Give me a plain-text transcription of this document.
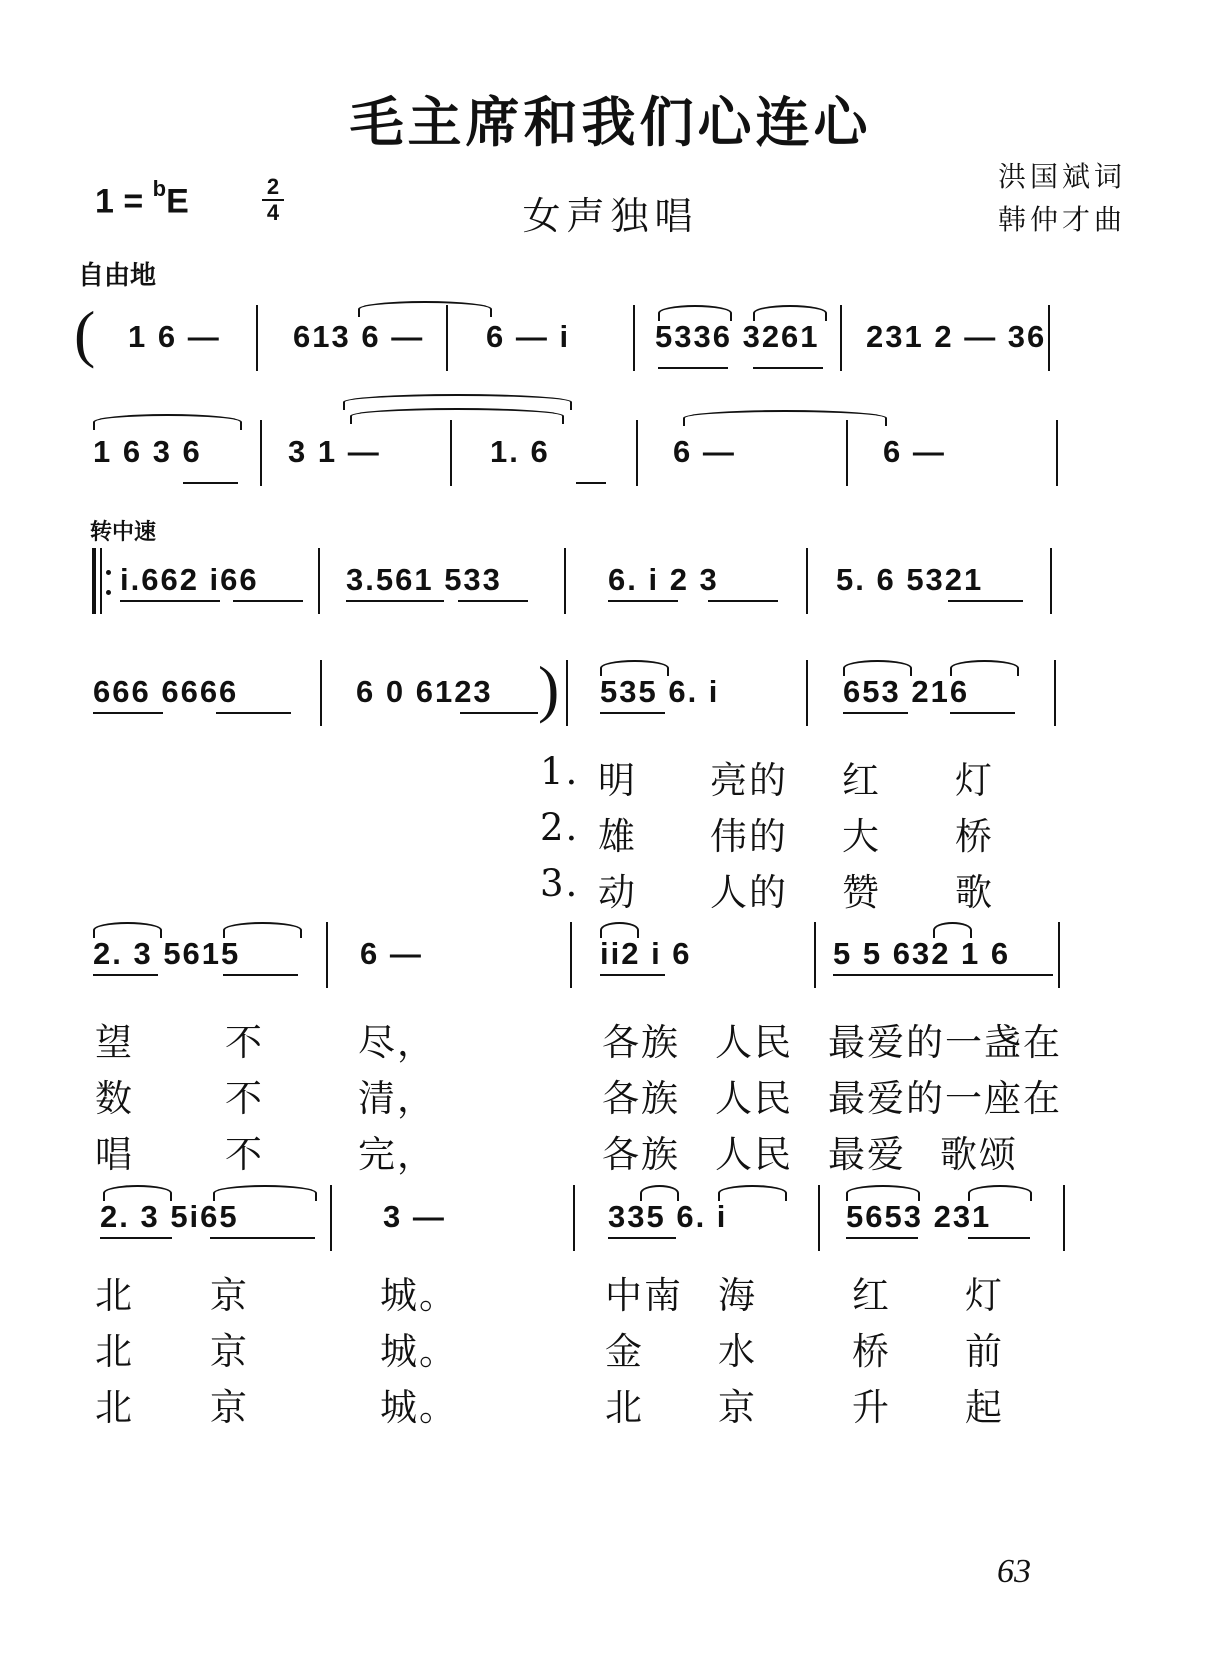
毛主席和我们心连心
1 = $^b$E	2
4	女声独唱
洪国斌词
韩仲才曲
自由地
( 1 6 — 613 6 — 6 — i	5336 3261 231 2 — 36
1 6 3 6	3 1 —	1. 6	6 —	6 —
转中速
i.662 i66	3.561 533	6. i 2 3	5. 6 5321
666 6666	6 0 6123 ) 535 6. i	653 216
1. 明 亮的 红 灯
2. 雄 伟的 大 桥
3. 动 人的 赞 歌
2. 3 5615	6 —	ii2 i 6	5 5 632 1 6
望 不	尽，	各族 人民 最爱的一盏在
数 不	清，	各族 人民 最爱的一座在
唱 不	完，	各族 人民 最爱 歌颂
2. 3 5i65	3 —	335 6. i	5653 231
北 京	城。	中南 海	红 灯
北 京	城。	金 水	桥 前
北 京	城。	北 京	升 起
63
